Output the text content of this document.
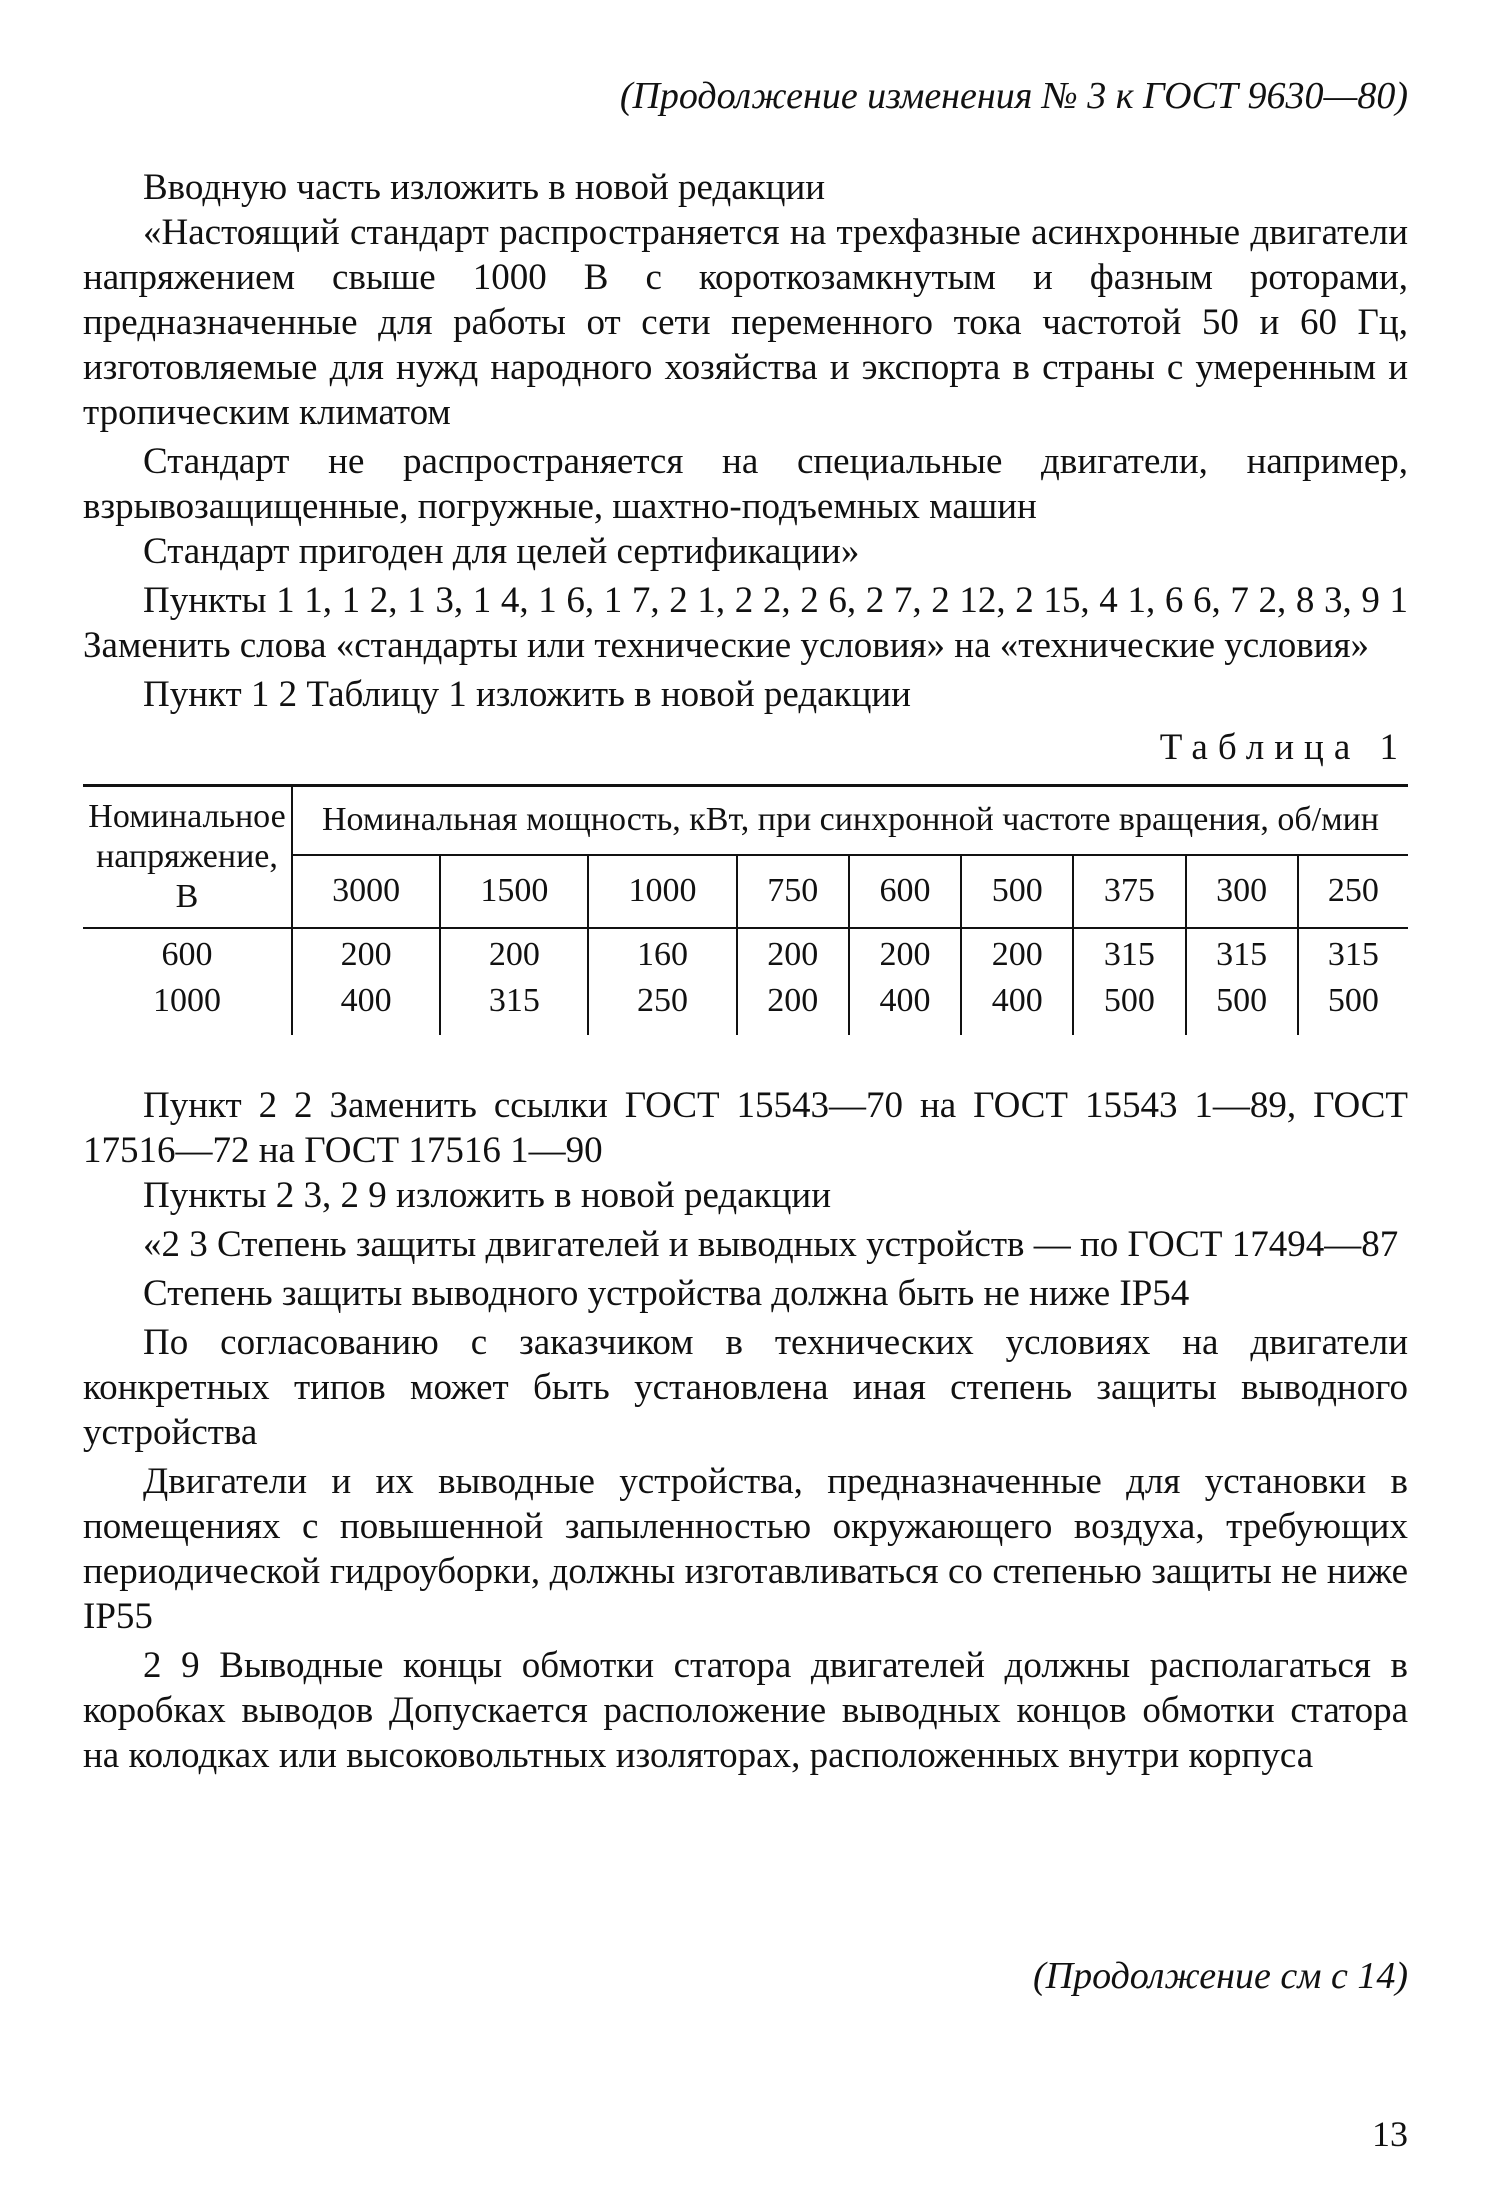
(Продолжение изменения № 3 к ГОСТ 9630—80)

Вводную часть изложить в новой редакции

«Настоящий стандарт распространяется на трехфазные асинхронные двигатели напряжением свыше 1000 В с короткозамкнутым и фазным роторами, предназначенные для работы от сети переменного тока частотой 50 и 60 Гц, изготовляемые для нужд народного хозяйства и экспорта в страны с умеренным и тропическим климатом

Стандарт не распространяется на специальные двигатели, например, взрывозащищенные, погружные, шахтно-подъемных машин

Стандарт пригоден для целей сертификации»

Пункты 1 1, 1 2, 1 3, 1 4, 1 6, 1 7, 2 1, 2 2, 2 6, 2 7, 2 12, 2 15, 4 1, 6 6, 7 2, 8 3, 9 1 Заменить слова «стандарты или технические условия» на «технические условия»

Пункт 1 2 Таблицу 1 изложить в новой редакции

Таблица 1
Номинальное напряжение, В	Номинальная мощность, кВт, при синхронной частоте вращения, об/мин								
	3000	1500	1000	750	600	500	375	300	250
600	200	200	160	200	200	200	315	315	315
1000	400	315	250	200	400	400	500	500	500

Пункт 2 2 Заменить ссылки ГОСТ 15543—70 на ГОСТ 15543 1—89, ГОСТ 17516—72 на ГОСТ 17516 1—90

Пункты 2 3, 2 9 изложить в новой редакции

«2 3 Степень защиты двигателей и выводных устройств — по ГОСТ 17494—87

Степень защиты выводного устройства должна быть не ниже IP54

По согласованию с заказчиком в технических условиях на двигатели конкретных типов может быть установлена иная степень защиты выводного устройства

Двигатели и их выводные устройства, предназначенные для установки в помещениях с повышенной запыленностью окружающего воздуха, требующих периодической гидроуборки, должны изготавливаться со степенью защиты не ниже IP55

2 9 Выводные концы обмотки статора двигателей должны располагаться в коробках выводов Допускается расположение выводных концов обмотки статора на колодках или высоковольтных изоляторах, расположенных внутри корпуса

(Продолжение см с 14)
13
